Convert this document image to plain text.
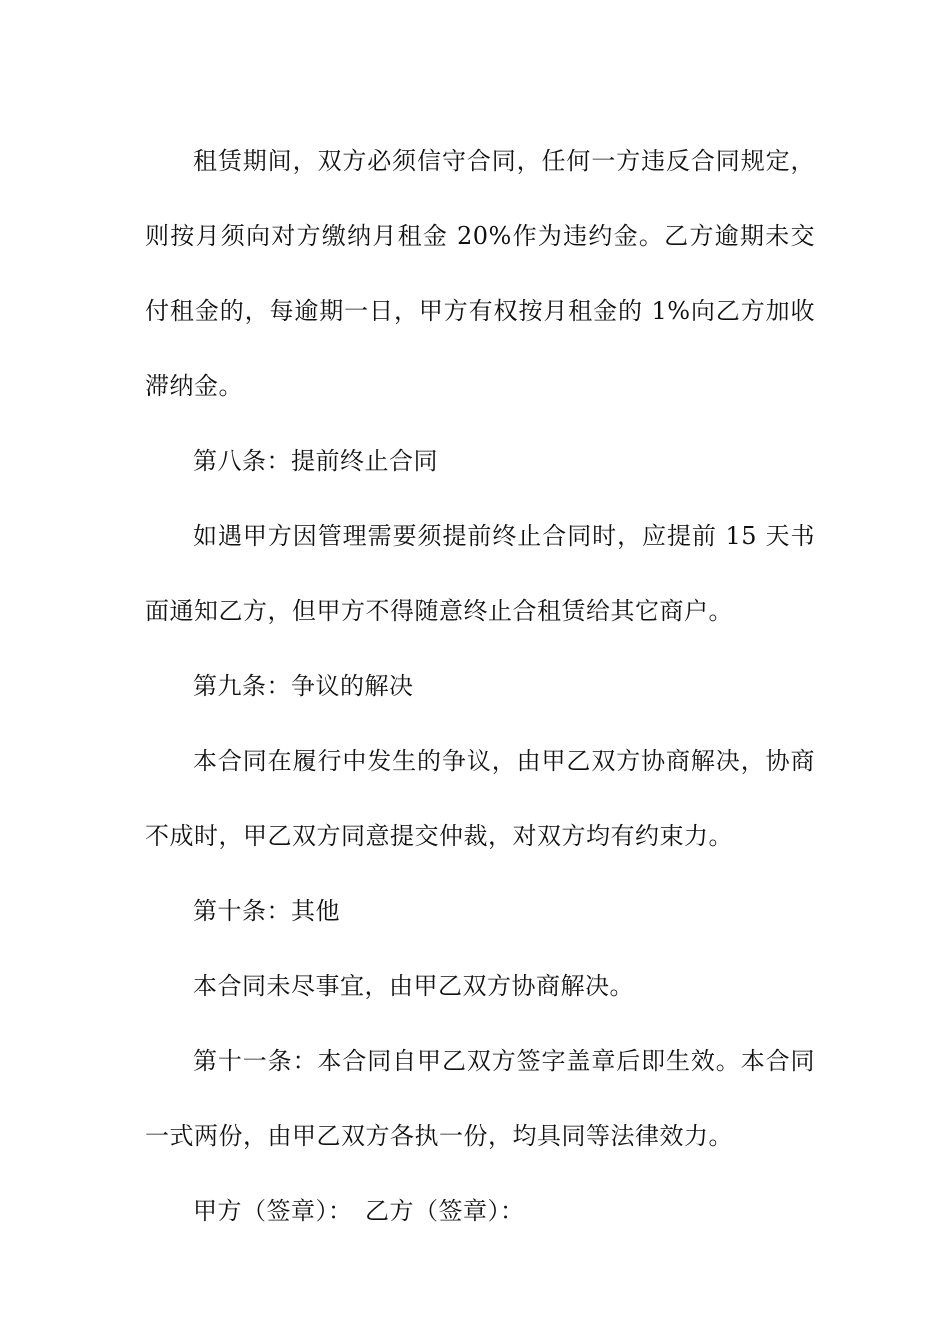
租赁期间，双方必须信守合同，任何一方违反合同规定，则按月须向对方缴纳月租金 20%作为违约金。乙方逾期未交付租金的，每逾期一日，甲方有权按月租金的 1%向乙方加收滞纳金。

第八条：提前终止合同

如遇甲方因管理需要须提前终止合同时，应提前 15 天书面通知乙方，但甲方不得随意终止合租赁给其它商户。

第九条：争议的解决

本合同在履行中发生的争议，由甲乙双方协商解决，协商不成时，甲乙双方同意提交仲裁，对双方均有约束力。

第十条：其他

本合同未尽事宜，由甲乙双方协商解决。

第十一条：本合同自甲乙双方签字盖章后即生效。本合同一式两份，由甲乙双方各执一份，均具同等法律效力。

甲方（签章）：　乙方（签章）：
